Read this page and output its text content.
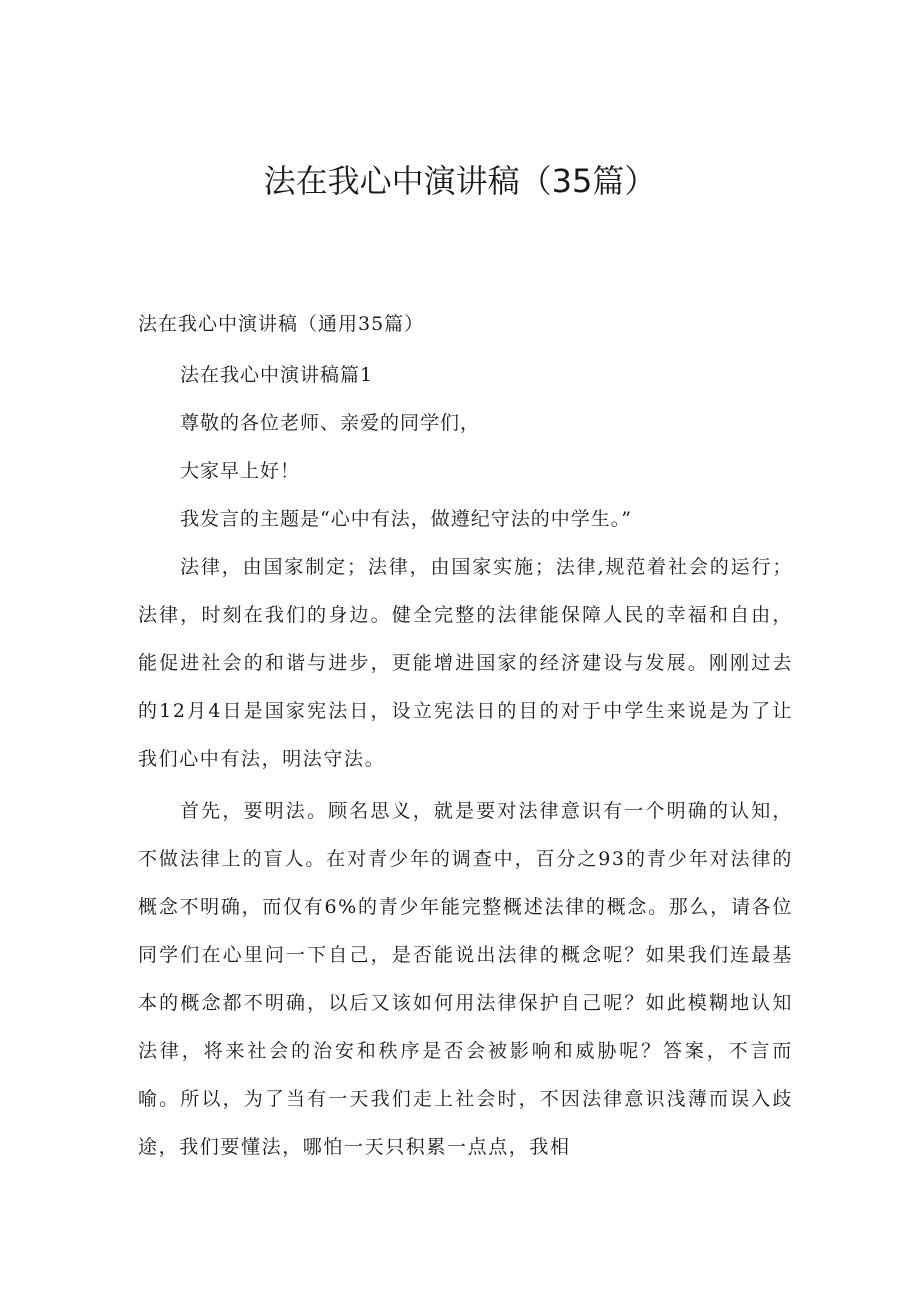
法在我心中演讲稿（35篇）

法在我心中演讲稿（通用35篇）

法在我心中演讲稿篇1

尊敬的各位老师、亲爱的同学们，

大家早上好！

我发言的主题是“心中有法，做遵纪守法的中学生。”

法律，由国家制定；法律，由国家实施；法律,规范着社会的运行；法律，时刻在我们的身边。健全完整的法律能保障人民的幸福和自由，能促进社会的和谐与进步，更能增进国家的经济建设与发展。刚刚过去的12月4日是国家宪法日，设立宪法日的目的对于中学生来说是为了让我们心中有法，明法守法。

首先，要明法。顾名思义，就是要对法律意识有一个明确的认知，不做法律上的盲人。在对青少年的调查中，百分之93的青少年对法律的概念不明确，而仅有6%的青少年能完整概述法律的概念。那么，请各位同学们在心里问一下自己，是否能说出法律的概念呢？如果我们连最基本的概念都不明确，以后又该如何用法律保护自己呢？如此模糊地认知法律，将来社会的治安和秩序是否会被影响和威胁呢？答案，不言而喻。所以，为了当有一天我们走上社会时，不因法律意识浅薄而误入歧途，我们要懂法，哪怕一天只积累一点点，我相
